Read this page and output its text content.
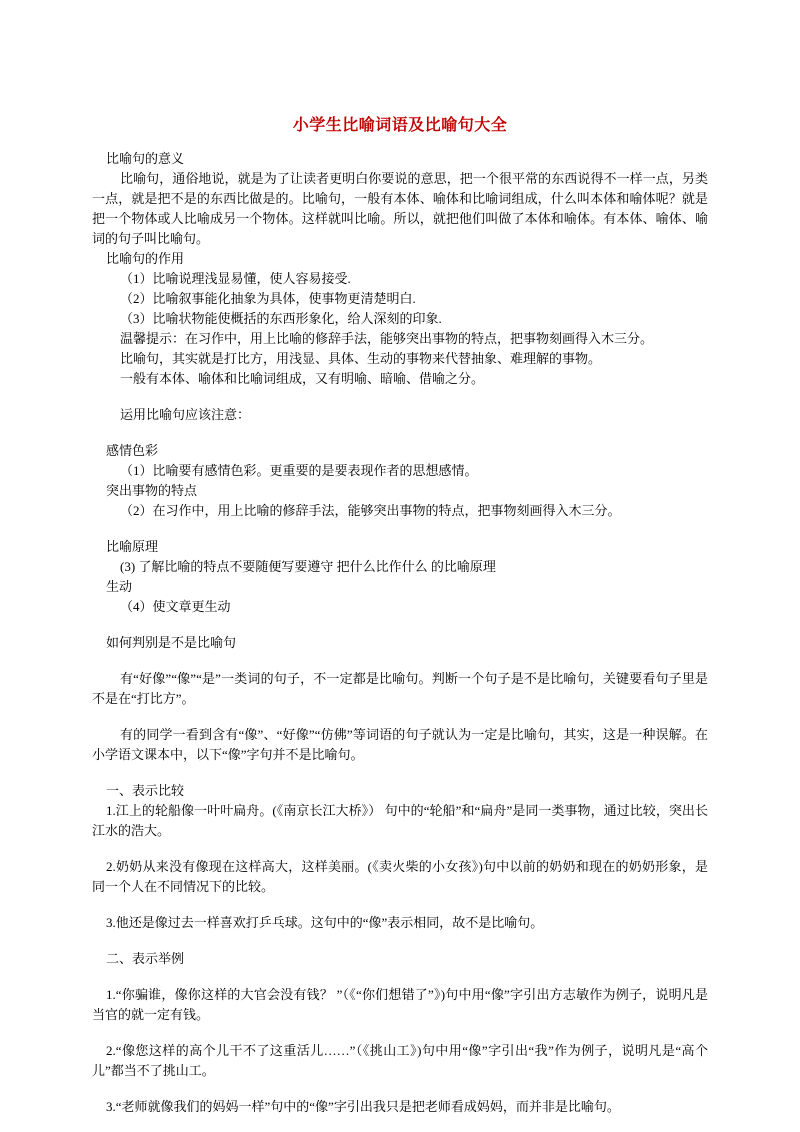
小学生比喻词语及比喻句大全

比喻句的意义

比喻句，通俗地说，就是为了让读者更明白你要说的意思，把一个很平常的东西说得不一样一点，另类一点，就是把不是的东西比做是的。比喻句，一般有本体、喻体和比喻词组成，什么叫本体和喻体呢？就是把一个物体或人比喻成另一个物体。这样就叫比喻。所以，就把他们叫做了本体和喻体。有本体、喻体、喻词的句子叫比喻句。

比喻句的作用

（1）比喻说理浅显易懂，使人容易接受.

（2）比喻叙事能化抽象为具体，使事物更清楚明白.

（3）比喻状物能使概括的东西形象化，给人深刻的印象.

温馨提示：在习作中，用上比喻的修辞手法，能够突出事物的特点，把事物刻画得入木三分。

比喻句，其实就是打比方，用浅显、具体、生动的事物来代替抽象、难理解的事物。

一般有本体、喻体和比喻词组成，又有明喻、暗喻、借喻之分。

运用比喻句应该注意：

感情色彩

（1）比喻要有感情色彩。更重要的是要表现作者的思想感情。

突出事物的特点

（2）在习作中，用上比喻的修辞手法，能够突出事物的特点，把事物刻画得入木三分。

比喻原理

(3) 了解比喻的特点不要随便写要遵守 把什么比作什么 的比喻原理

生动

（4）使文章更生动

如何判别是不是比喻句

有“好像”“像”“是”一类词的句子，不一定都是比喻句。判断一个句子是不是比喻句，关键要看句子里是不是在“打比方”。

有的同学一看到含有“像”、“好像”“仿佛”等词语的句子就认为一定是比喻句，其实，这是一种误解。在小学语文课本中，以下“像”字句并不是比喻句。

一、表示比较

1.江上的轮船像一叶叶扁舟。(《南京长江大桥》） 句中的“轮船”和“扁舟”是同一类事物，通过比较，突出长江水的浩大。

2.奶奶从来没有像现在这样高大，这样美丽。(《卖火柴的小女孩》)句中以前的奶奶和现在的奶奶形象，是同一个人在不同情况下的比较。

3.他还是像过去一样喜欢打乒乓球。这句中的“像”表示相同，故不是比喻句。

二、表示举例

1.“你骗谁，像你这样的大官会没有钱？ ”（《“你们想错了”》)句中用“像”字引出方志敏作为例子，说明凡是当官的就一定有钱。

2.“像您这样的高个儿干不了这重活儿……”（《挑山工》)句中用“像”字引出“我”作为例子，说明凡是“高个儿”都当不了挑山工。

3.“老师就像我们的妈妈一样”句中的“像”字引出我只是把老师看成妈妈，而并非是比喻句。
